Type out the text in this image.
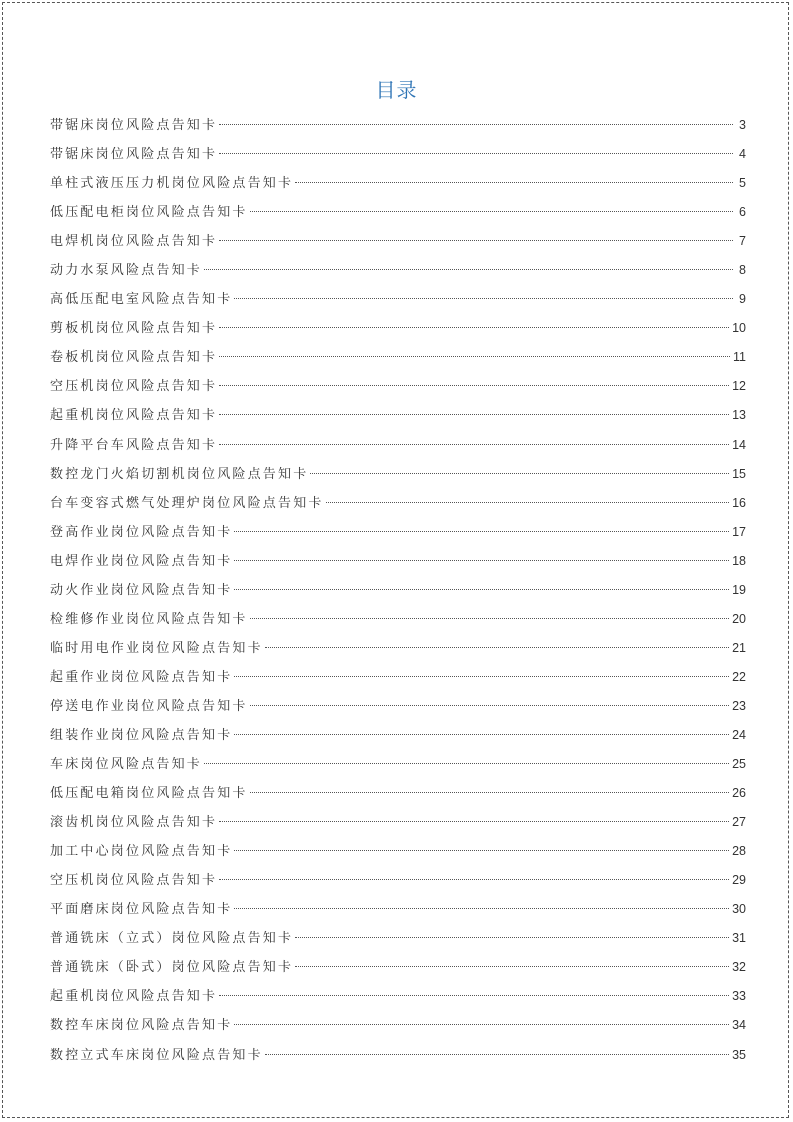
目录
带锯床岗位风险点告知卡	3
带锯床岗位风险点告知卡	4
单柱式液压压力机岗位风险点告知卡	5
低压配电柜岗位风险点告知卡	6
电焊机岗位风险点告知卡	7
动力水泵风险点告知卡	8
高低压配电室风险点告知卡	9
剪板机岗位风险点告知卡	10
卷板机岗位风险点告知卡	11
空压机岗位风险点告知卡	12
起重机岗位风险点告知卡	13
升降平台车风险点告知卡	14
数控龙门火焰切割机岗位风险点告知卡	15
台车变容式燃气处理炉岗位风险点告知卡	16
登高作业岗位风险点告知卡	17
电焊作业岗位风险点告知卡	18
动火作业岗位风险点告知卡	19
检维修作业岗位风险点告知卡	20
临时用电作业岗位风险点告知卡	21
起重作业岗位风险点告知卡	22
停送电作业岗位风险点告知卡	23
组装作业岗位风险点告知卡	24
车床岗位风险点告知卡	25
低压配电箱岗位风险点告知卡	26
滚齿机岗位风险点告知卡	27
加工中心岗位风险点告知卡	28
空压机岗位风险点告知卡	29
平面磨床岗位风险点告知卡	30
普通铣床（立式）岗位风险点告知卡	31
普通铣床（卧式）岗位风险点告知卡	32
起重机岗位风险点告知卡	33
数控车床岗位风险点告知卡	34
数控立式车床岗位风险点告知卡	35
